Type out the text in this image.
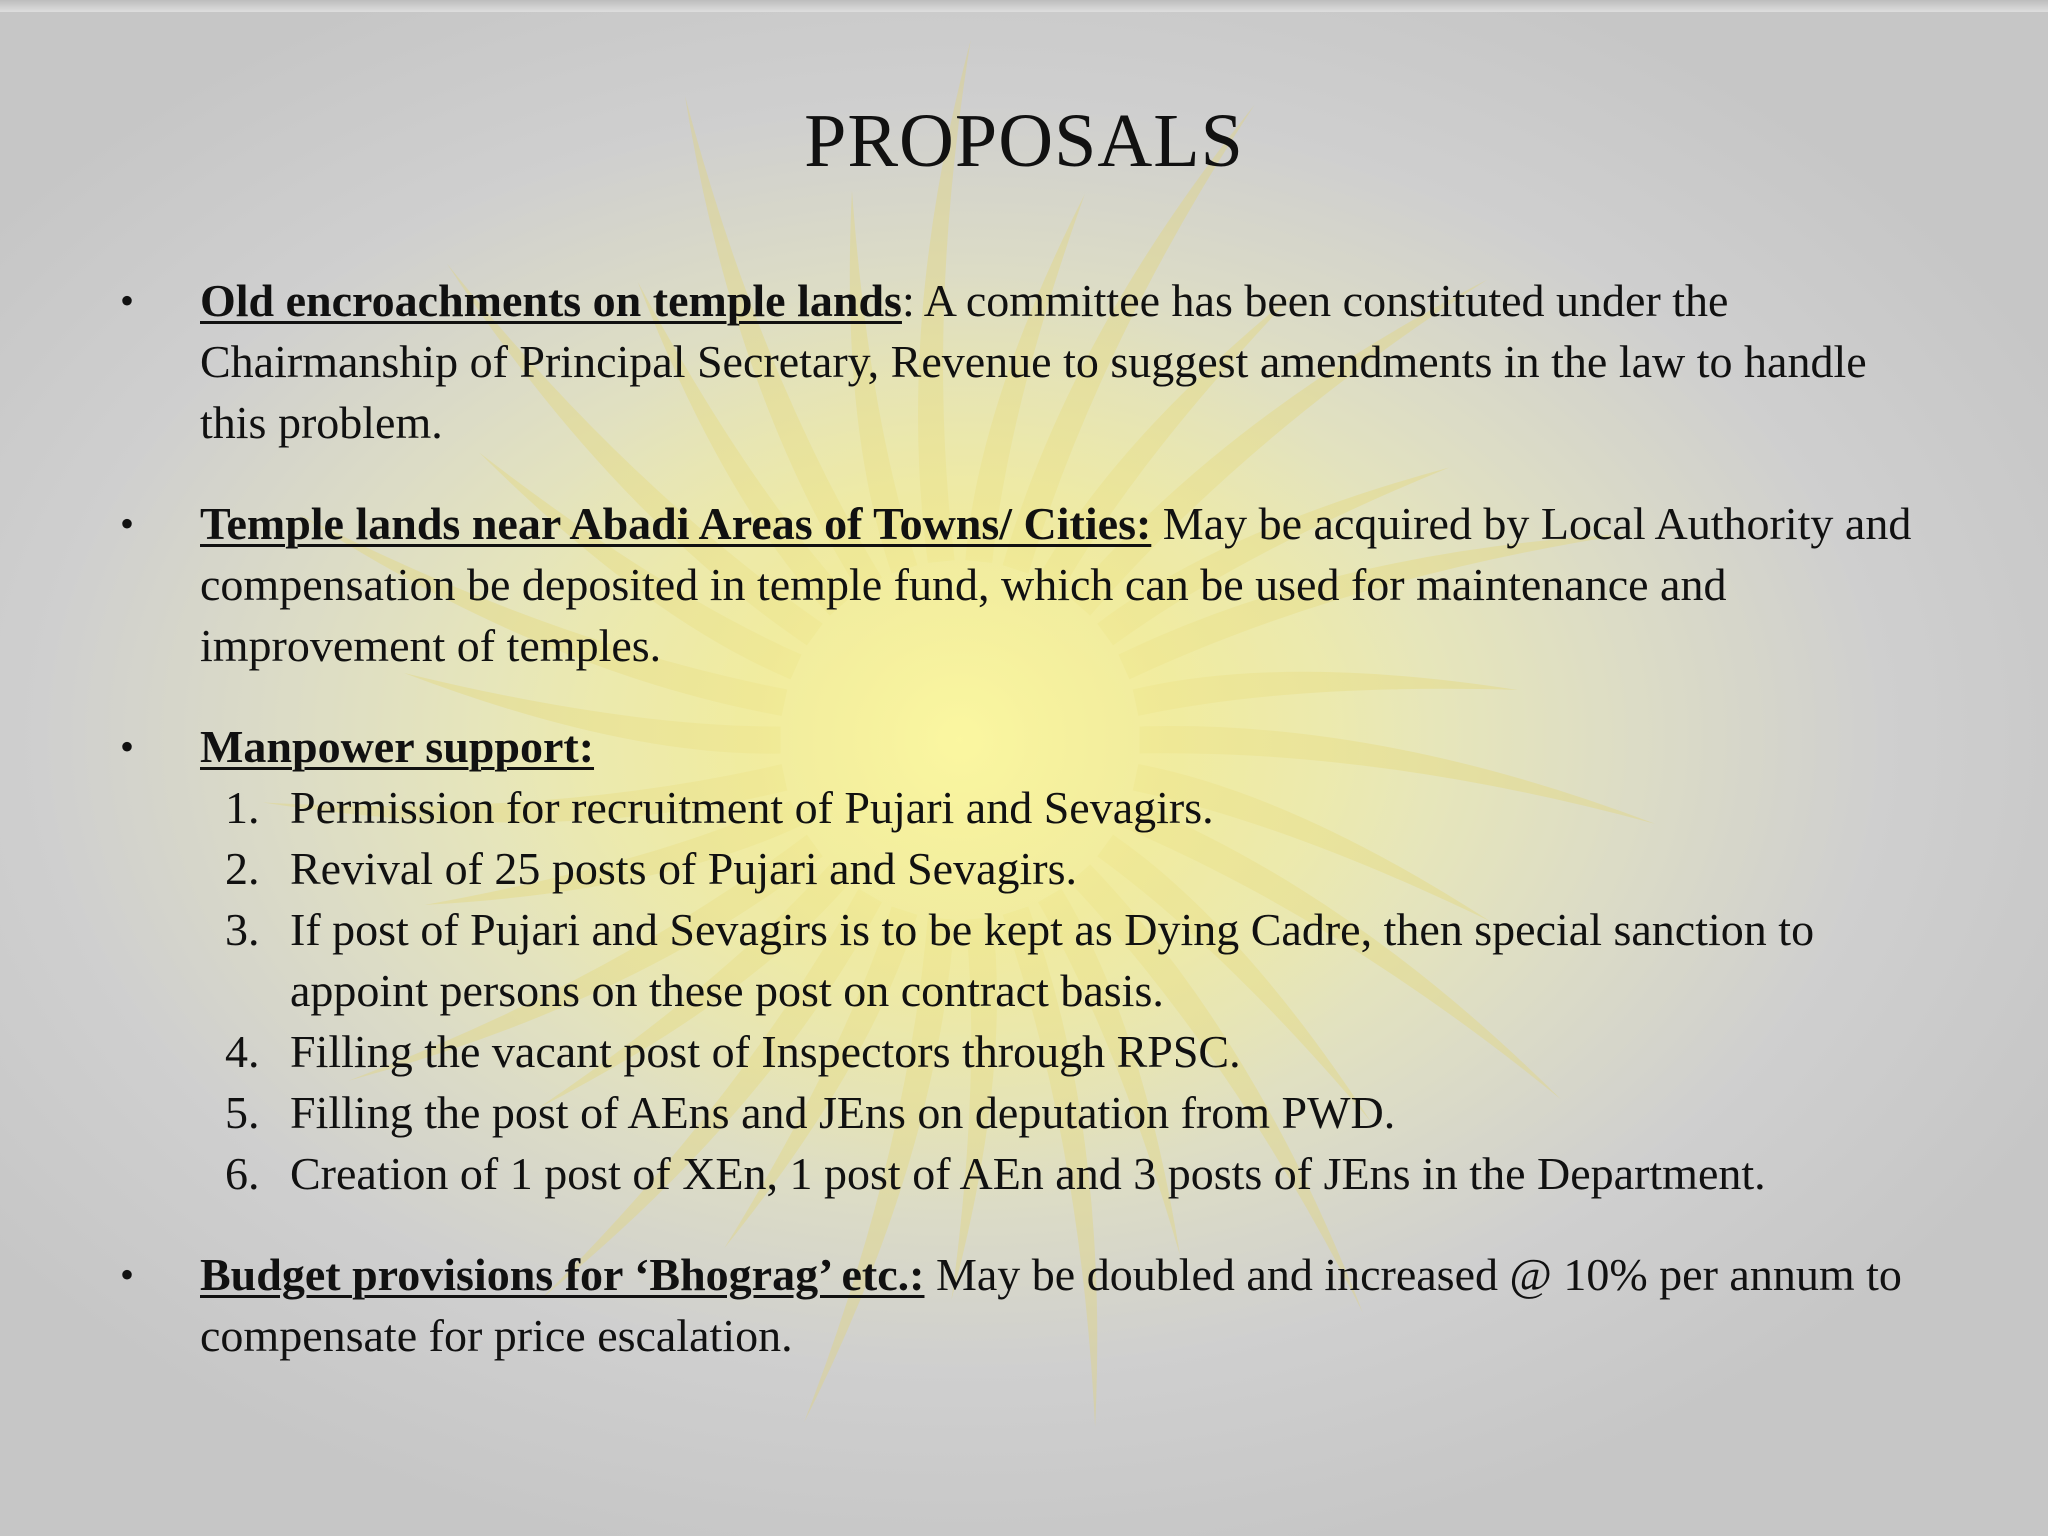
PROPOSALS
• Old encroachments on temple lands: A committee has been constituted under the Chairmanship of Principal Secretary, Revenue to suggest amendments in the law to handle this problem.
• Temple lands near Abadi Areas of Towns/ Cities: May be acquired by Local Authority and compensation be deposited in temple fund, which can be used for maintenance and improvement of temples.
• Manpower support:
1. Permission for recruitment of Pujari and Sevagirs.
2. Revival of 25 posts of Pujari and Sevagirs.
3. If post of Pujari and Sevagirs is to be kept as Dying Cadre, then special sanction to appoint persons on these post on contract basis.
4. Filling the vacant post of Inspectors through RPSC.
5. Filling the post of AEns and JEns on deputation from PWD.
6. Creation of 1 post of XEn, 1 post of AEn and 3 posts of JEns in the Department.
• Budget provisions for ‘Bhograg’ etc.: May be doubled and increased @ 10% per annum to compensate for price escalation.
